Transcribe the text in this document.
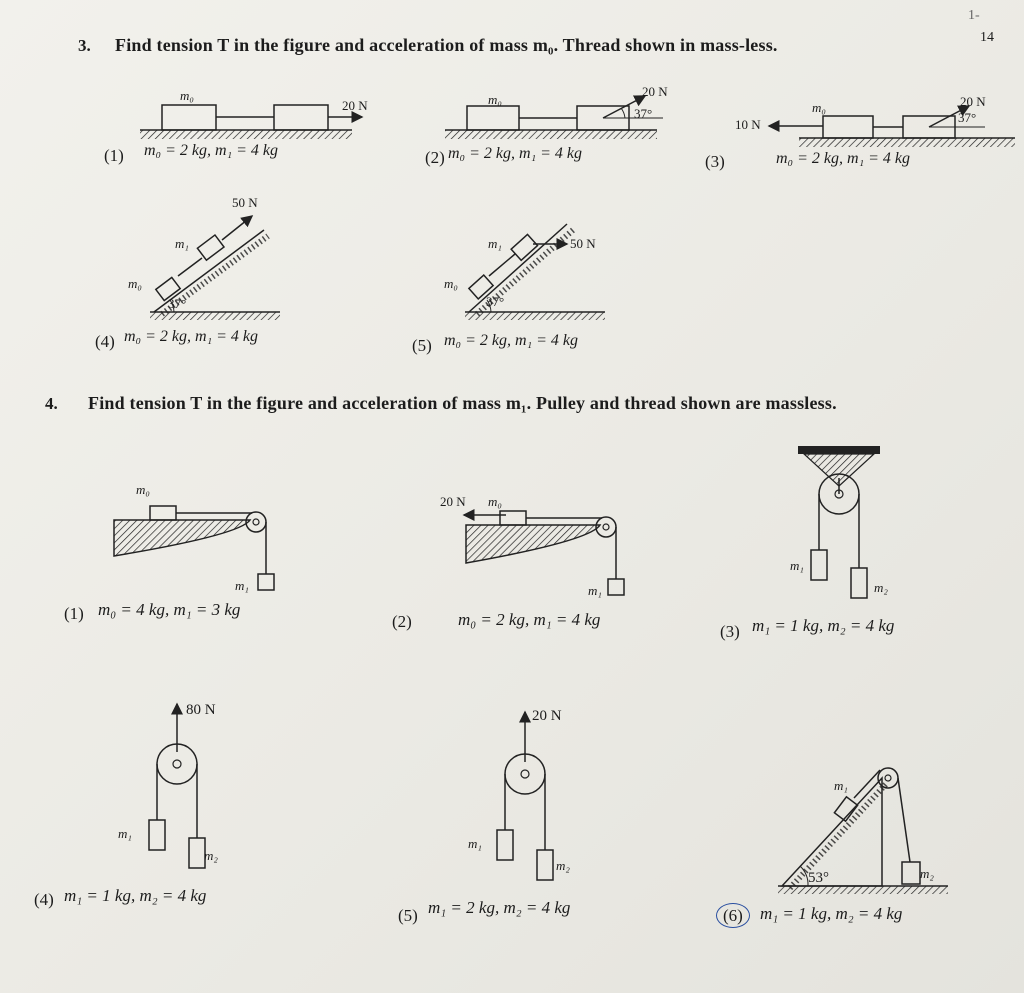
14
1-
3. Find tension T in the figure and acceleration of mass m₀. Thread shown in mass-less.
m₀
20 N
(1) m₀ = 2 kg, m₁ = 4 kg
m₀
20 N
37°
(2) m₀ = 2 kg, m₁ = 4 kg
10 N
m₀	20 N
37°
(3)	m₀ = 2 kg, m₁ = 4 kg
50 N
m₁
m₀
37°
(4) m₀ = 2 kg, m₁ = 4 kg
50 N
m₁
m₀
37°
(5) m₀ = 2 kg, m₁ = 4 kg
4. Find tension T in the figure and acceleration of mass m₁. Pulley and thread shown are massless.
m₀
m₁
(1) m₀ = 4 kg, m₁ = 3 kg
20 N m₀
m₁
(2)	m₀ = 2 kg, m₁ = 4 kg
m₁
m₂
(3) m₁ = 1 kg, m₂ = 4 kg
80 N
m₁
m₂
(4) m₁ = 1 kg, m₂ = 4 kg
20 N
m₁
m₂
(5) m₁ = 2 kg, m₂ = 4 kg
m₁
m₂
53°
(6)	m₁ = 1 kg, m₂ = 4 kg
